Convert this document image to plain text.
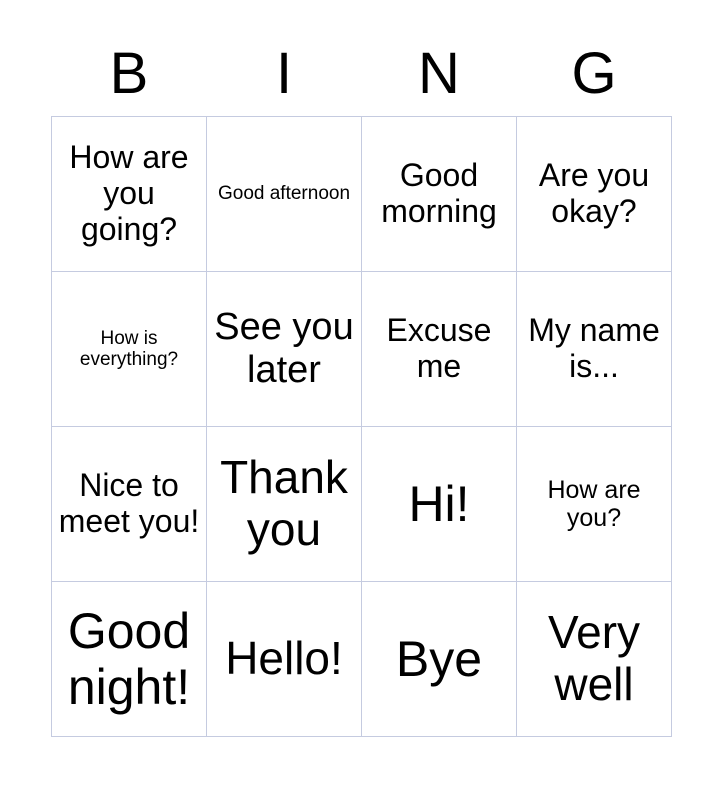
B	I	N	G
How are you going?	Good afternoon	Good morning	Are you okay?

How is everything?	See you later	Excuse me	My name is...

Nice to meet you!	Thank you	Hi!	How are you?

Good night!	Hello!	Bye	Very well
